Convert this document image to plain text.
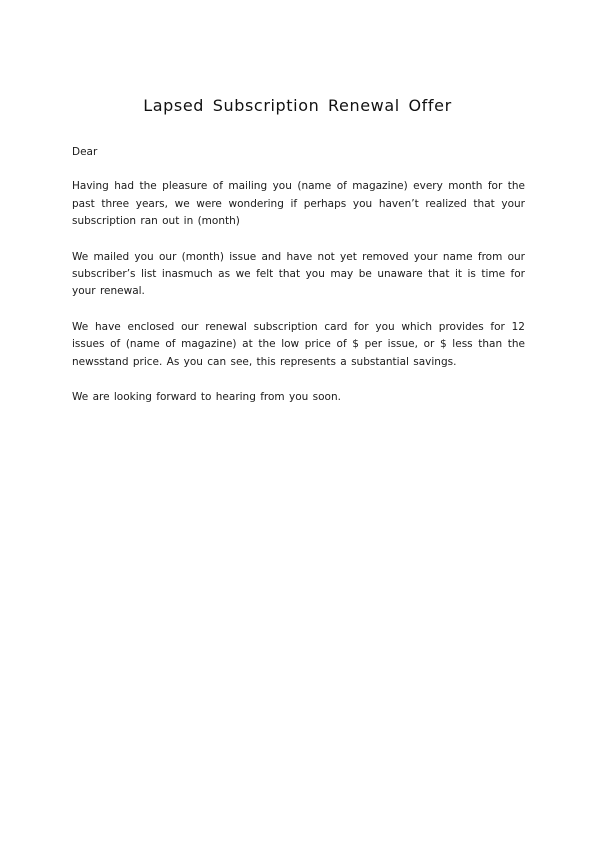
Lapsed Subscription Renewal Offer

Dear

Having had the pleasure of mailing you (name of magazine) every month for the past three years, we were wondering if perhaps you haven’t realized that your subscription ran out in (month)

We mailed you our (month) issue and have not yet removed your name from our subscriber’s list inasmuch as we felt that you may be unaware that it is time for your renewal.

We have enclosed our renewal subscription card for you which provides for 12 issues of (name of magazine) at the low price of $ per issue, or $ less than the newsstand price. As you can see, this represents a substantial savings.

We are looking forward to hearing from you soon.
